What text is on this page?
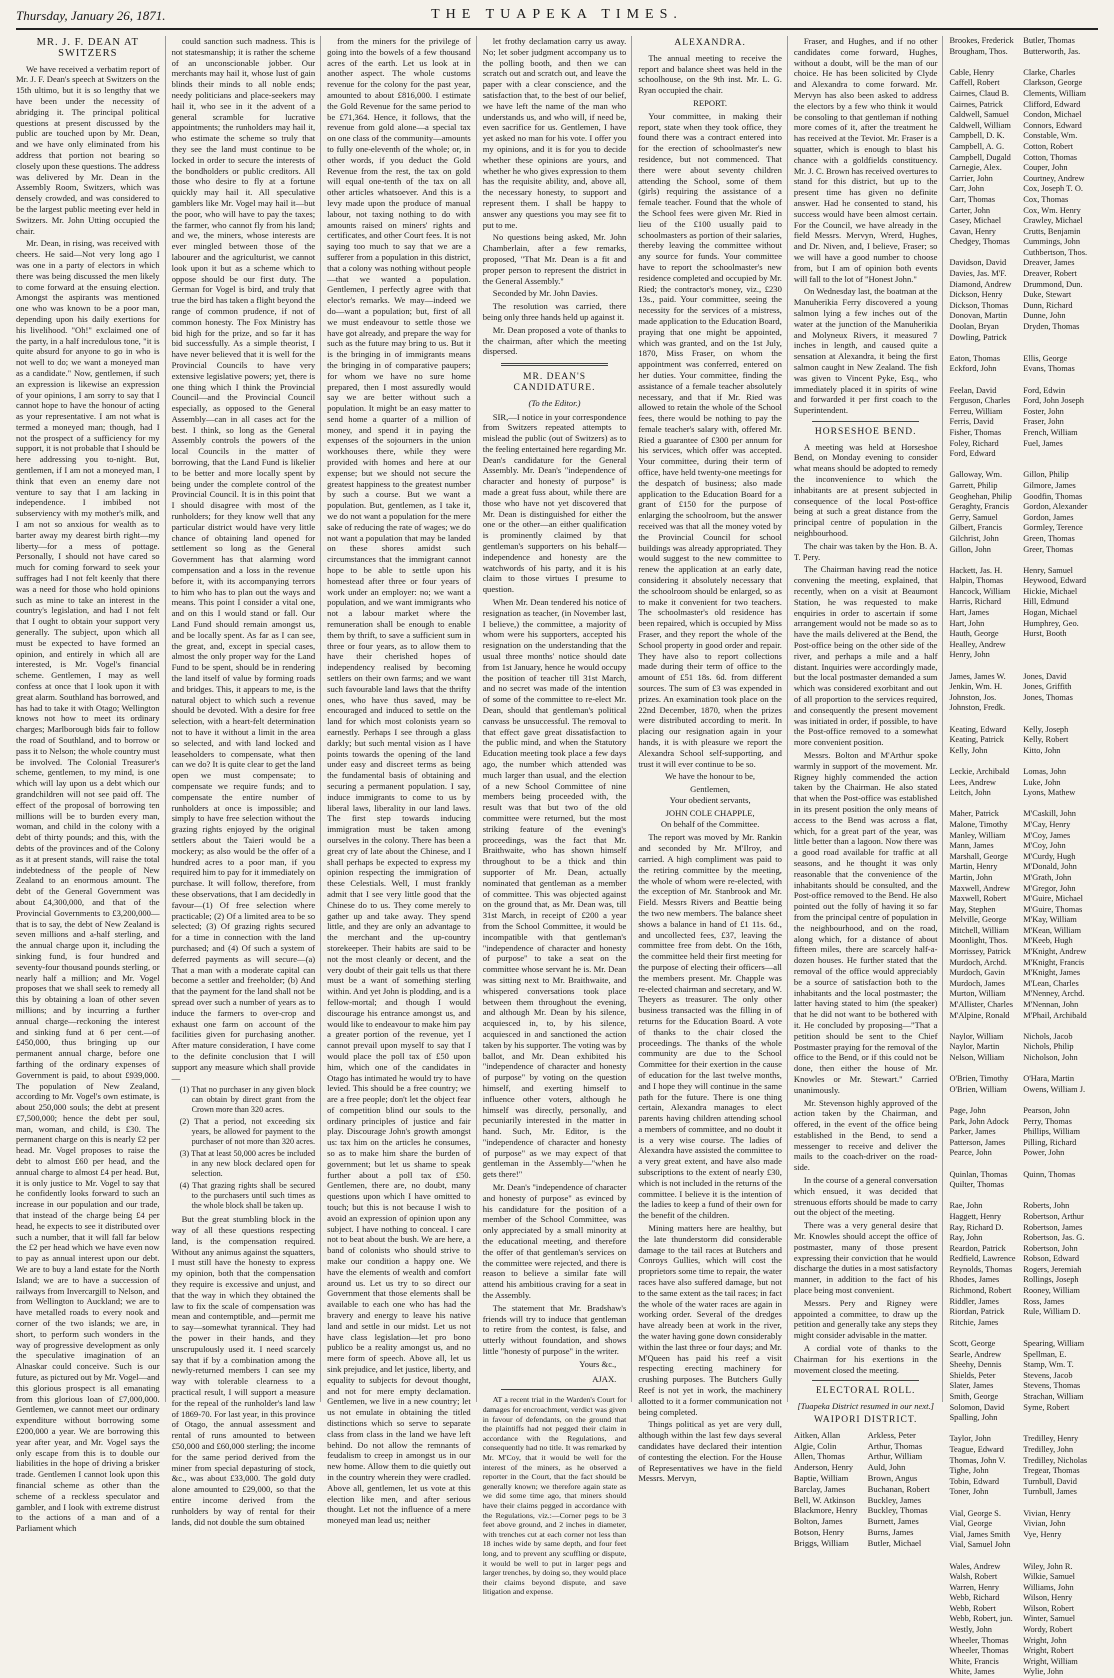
Thursday, January 26, 1871.	THE TUAPEKA TIMES.
MR. J. F. DEAN AT SWITZERS

We have received a verbatim report of Mr. J. F. Dean's speech at Switzers on the 15th ultimo, but it is so lengthy that we have been under the necessity of abridging it. The principal political questions at present discussed by the public are touched upon by Mr. Dean, and we have only eliminated from his address that portion not bearing so closely upon these questions. The address was delivered by Mr. Dean in the Assembly Room, Switzers, which was densely crowded, and was considered to be the largest public meeting ever held in Switzers. Mr. John Utting occupied the chair.

Mr. Dean, in rising, was received with cheers. He said—Not very long ago I was one in a party of electors in which there was being discussed the men likely to come forward at the ensuing election. Amongst the aspirants was mentioned one who was known to be a poor man, depending upon his daily exertions for his livelihood. "Oh!" exclaimed one of the party, in a half incredulous tone, "it is quite absurd for anyone to go in who is not well to do; we want a moneyed man as a candidate." Now, gentlemen, if such an expression is likewise an expression of your opinions, I am sorry to say that I cannot hope to have the honour of acting as your representative. I am not what is termed a moneyed man; though, had I not the prospect of a sufficiency for my support, it is not probable that I should be here addressing you to-night. But, gentlemen, if I am not a moneyed man, I think that even an enemy dare not venture to say that I am lacking in independence. I imbibed not subserviency with my mother's milk, and I am not so anxious for wealth as to barter away my dearest birth right—my liberty—for a mess of pottage. Personally, I should not have cared so much for coming forward to seek your suffrages had I not felt keenly that there was a need for those who hold opinions such as mine to take an interest in the country's legislation, and had I not felt that I ought to obtain your support very generally. The subject, upon which all must be expected to have formed an opinion, and entirely in which all are interested, is Mr. Vogel's financial scheme. Gentlemen, I may as well confess at once that I look upon it with great alarm. Southland has borrowed, and has had to take it with Otago; Wellington knows not how to meet its ordinary charges; Marlborough bids fair to follow the road of Southland, and to borrow or pass it to Nelson; the whole country must be involved. The Colonial Treasurer's scheme, gentlemen, to my mind, is one which will lay upon us a debt which our grandchildren will not see paid off. The effect of the proposal of borrowing ten millions will be to burden every man, woman, and child in the colony with a debt of thirty pounds; and this, with the debts of the provinces and of the Colony as it at present stands, will raise the total indebtedness of the people of New Zealand to an enormous amount. The debt of the General Government was about £4,300,000, and that of the Provincial Governments to £3,200,000—that is to say, the debt of New Zealand is seven millions and a-half sterling, and the annual charge upon it, including the sinking fund, is four hundred and seventy-four thousand pounds sterling, or nearly half a million; and Mr. Vogel proposes that we shall seek to remedy all this by obtaining a loan of other seven millions; and by incurring a further annual charge—reckoning the interest and sinking fund at 6 per cent.—of £450,000, thus bringing up our permanent annual charge, before one farthing of the ordinary expenses of Government is paid, to about £939,000. The population of New Zealand, according to Mr. Vogel's own estimate, is about 250,000 souls; the debt at present £7,500,000; hence the debt per soul, man, woman, and child, is £30. The permanent charge on this is nearly £2 per head. Mr. Vogel proposes to raise the debt to almost £60 per head, and the annual charge to almost £4 per head. But, it is only justice to Mr. Vogel to say that he confidently looks forward to such an increase in our population and our trade, that instead of the charge being £4 per head, he expects to see it distributed over such a number, that it will fall far below the £2 per head which we have even now to pay as annual interest upon our debt. We are to buy a land estate for the North Island; we are to have a succession of railways from Invercargill to Nelson, and from Wellington to Auckland; we are to have metalled roads to every nook and corner of the two islands; we are, in short, to perform such wonders in the way of progressive development as only the speculative imagination of an Alnaskar could conceive. Such is our future, as pictured out by Mr. Vogel—and this glorious prospect is all emanating from this glorious loan of £7,000,000. Gentlemen, we cannot meet our ordinary expenditure without borrowing some £200,000 a year. We are borrowing this year after year, and Mr. Vogel says the only escape from this is to double our liabilities in the hope of driving a brisker trade. Gentlemen I cannot look upon this financial scheme as other than the scheme of a reckless speculator and gambler, and I look with extreme distrust to the actions of a man and of a Parliament which

could sanction such madness. This is not statesmanship; it is rather the scheme of an unconscionable jobber. Our merchants may hail it, whose lust of gain blinds their minds to all noble ends; needy politicians and place-seekers may hail it, who see in it the advent of a general scramble for lucrative appointments; the runholders may hail it, who estimate the scheme so truly that they see the land must continue to be locked in order to secure the interests of the bondholders or public creditors. All those who desire to fly at a fortune quickly may hail it. All speculative gamblers like Mr. Vogel may hail it—but the poor, who will have to pay the taxes; the farmer, who cannot fly from his land; and we, the miners, whose interests are ever mingled between those of the labourer and the agriculturist, we cannot look upon it but as a scheme which to oppose should be our first duty. The German for Vogel is bird, and truly that true the bird has taken a flight beyond the range of common prudence, if not of common honesty. The Fox Ministry has bid high for the prize, and so far it has bid successfully. As a simple theorist, I have never believed that it is well for the Provincial Councils to have very extensive legislative powers; yet, there is one thing which I think the Provincial Council—and the Provincial Council especially, as opposed to the General Assembly—can in all cases act for the best. I think, so long as the General Assembly controls the powers of the local Councils in the matter of borrowing, that the Land Fund is likelier to be better and more locally spent by being under the complete control of the Provincial Council. It is in this point that I should disagree with most of the runholders; for they know well that any particular district would have very little chance of obtaining land opened for settlement so long as the General Government has that alarming word compensation and a loss in the revenue before it, with its accompanying terrors to him who has to plan out the ways and means. This point I consider a vital one, and on this I would stand or fall. Our Land Fund should remain amongst us, and be locally spent. As far as I can see, the great, and, except in special cases, almost the only proper way for the Land Fund to be spent, should be in rendering the land itself of value by forming roads and bridges. This, it appears to me, is the natural object to which such a revenue should be devoted. With a desire for free selection, with a heart-felt determination not to have it without a limit in the area so selected, and with land locked and leaseholders to compensate, what then can we do? It is quite clear to get the land open we must compensate; to compensate we require funds; and to compensate the entire number of runholders at once is impossible; and simply to have free selection without the grazing rights enjoyed by the original settlers about the Taieri would be a mockery; as also would be the offer of a hundred acres to a poor man, if you required him to pay for it immediately on purchase. It will follow, therefore, from these observations, that I am decidedly in favour—(1) Of free selection where practicable; (2) Of a limited area to be so selected; (3) Of grazing rights secured for a time in connection with the land purchased; and (4) Of such a system of deferred payments as will secure—(a) That a man with a moderate capital can become a settler and freeholder; (b) And that the payment for the land shall not be spread over such a number of years as to induce the farmers to over-crop and exhaust one farm on account of the facilities given for purchasing another. After mature consideration, I have come to the definite conclusion that I will support any measure which shall provide—

(1) That no purchaser in any given block can obtain by direct grant from the Crown more than 320 acres.
(2) That a period, not exceeding six years, be allowed for payment to the purchaser of not more than 320 acres.
(3) That at least 50,000 acres be included in any new block declared open for selection.
(4) That grazing rights shall be secured to the purchasers until such times as the whole block shall be taken up.

But the great stumbling block in the way of all these questions respecting land, is the compensation required. Without any animus against the squatters, I must still have the honesty to express my opinion, both that the compensation they require is excessive and unjust, and that the way in which they obtained the law to fix the scale of compensation was mean and contemptible, and—permit me to say—somewhat tyrannical. They had the power in their hands, and they unscrupulously used it. I need scarcely say that if by a combination among the newly-returned members I can see my way with tolerable clearness to a practical result, I will support a measure for the repeal of the runholder's land law of 1869-70. For last year, in this province of Otago, the annual assessment and rental of runs amounted to between £50,000 and £60,000 sterling; the income for the same period derived from the miner from special depasturing of stock, &c., was about £33,000. The gold duty alone amounted to £29,000, so that the entire income derived from the runholders by way of rental for their lands, did not double the sum obtained

from the miners for the privilege of going into the bowels of a few thousand acres of the earth. Let us look at in another aspect. The whole customs revenue for the colony for the past year, amounted to about £816,000. I estimate the Gold Revenue for the same period to be £71,364. Hence, it follows, that the revenue from gold alone—a special tax on one class of the community—amounts to fully one-eleventh of the whole; or, in other words, if you deduct the Gold Revenue from the rest, the tax on gold will equal one-tenth of the tax on all other articles whatsoever. And this is a levy made upon the produce of manual labour, not taxing nothing to do with amounts raised on miners' rights and certificates, and other Court fees. It is not saying too much to say that we are a sufferer from a population in this district, that a colony was nothing without people—that we wanted a population. Gentlemen, I perfectly agree with that elector's remarks. We may—indeed we do—want a population; but, first of all we must endeavour to settle those we have got already, and prepare the way for such as the future may bring to us. But it is the bringing in of immigrants means the bringing in of comparative paupers; for whom we have no sure home prepared, then I most assuredly would say we are better without such a population. It might be an easy matter to send home a quarter of a million of money, and spend it in paying the expenses of the sojourners in the union workhouses there, while they were provided with homes and here at our expense; but we should not secure the greatest happiness to the greatest number by such a course. But we want a population. But, gentlemen, as I take it, we do not want a population for the mere sake of reducing the rate of wages; we do not want a population that may be landed on these shores amidst such circumstances that the immigrant cannot hope to be able to settle upon his homestead after three or four years of work under an employer: no; we want a population, and we want immigrants who not a labour market where the remuneration shall be enough to enable them by thrift, to save a sufficient sum in three or four years, as to allow them to have their cherished hopes of independency realised by becoming settlers on their own farms; and we want such favourable land laws that the thrifty ones, who have thus saved, may be encouraged and induced to settle on the land for which most colonists yearn so earnestly. Perhaps I see through a glass darkly; but such mental vision as I have points towards the opening of the land under easy and discreet terms as being the fundamental basis of obtaining and securing a permanent population. I say, induce immigrants to come to us by liberal laws, liberality in our land laws. The first step towards inducing immigration must be taken among ourselves in the colony. There has been a great cry of late about the Chinese, and I shall perhaps be expected to express my opinion respecting the immigration of these Celestials. Well, I must frankly admit that I see very little good that the Chinese do to us. They come merely to gather up and take away. They spend little, and they are only an advantage to the merchant and the up-country storekeeper. Their habits are said to be not the most cleanly or decent, and the very doubt of their gait tells us that there must be a want of something sterling within. And yet John is plodding, and is a fellow-mortal; and though I would discourage his entrance amongst us, and would like to endeavour to make him pay a greater portion of the revenue, yet I cannot prevail upon myself to say that I would place the poll tax of £50 upon him, which one of the candidates in Otago has intimated he would try to have levied. This should be a free country; we are a free people; don't let the object fear of competition blind our souls to the ordinary principles of justice and fair play. Discourage John's growth amongst us: tax him on the articles he consumes, so as to make him share the burden of government; but let us shame to speak further about a poll tax of £50. Gentlemen, there are, no doubt, many questions upon which I have omitted to touch; but this is not because I wish to avoid an expression of opinion upon any subject. I have nothing to conceal. I care not to beat about the bush. We are here, a band of colonists who should strive to make our condition a happy one. We have the elements of wealth and comfort around us. Let us try to so direct our Government that those elements shall be available to each one who has had the bravery and energy to leave his native land and settle in our midst. Let us not have class legislation—let pro bono publico be a reality amongst us, and no mere form of speech. Above all, let us sink prejudice, and let justice, liberty, and equality to subjects for devout thought, and not for mere empty declamation. Gentlemen, we live in a new country; let us not emulate in obtaining the titled distinctions which so serve to separate class from class in the land we have left behind. Do not allow the remnants of feudalism to creep in amongst us in our new home. Allow them to die quietly out in the country wherein they were cradled. Above all, gentlemen, let us vote at this election like men, and after serious thought. Let not the influence of a mere moneyed man lead us; neither

let frothy declamation carry us away. No; let sober judgment accompany us to the polling booth, and then we can scratch out and scratch out, and leave the paper with a clear conscience, and the satisfaction that, to the best of our belief, we have left the name of the man who understands us, and who will, if need be, even sacrifice for us. Gentlemen, I have yet asked no man for his vote. I offer you my opinions, and it is for you to decide whether these opinions are yours, and whether he who gives expression to them has the requisite ability, and, above all, the necessary honesty, to support and represent them. I shall be happy to answer any questions you may see fit to put to me.

No questions being asked, Mr. John Chamberlain, after a few remarks, proposed, "That Mr. Dean is a fit and proper person to represent the district in the General Assembly."

Seconded by Mr. John Davies.

The resolution was carried, there being only three hands held up against it.

Mr. Dean proposed a vote of thanks to the chairman, after which the meeting dispersed.

MR. DEAN'S CANDIDATURE.
(To the Editor.)

SIR,—I notice in your correspondence from Switzers repeated attempts to mislead the public (out of Switzers) as to the feeling entertained here regarding Mr. Dean's candidature for the General Assembly. Mr. Dean's "independence of character and honesty of purpose" is made a great fuss about, while there are those who have not yet discovered that Mr. Dean is distinguished for either the one or the other—an either qualification is prominently claimed by that gentleman's supporters on his behalf—independence and honesty are the watchwords of his party, and it is his claim to those virtues I presume to question.

When Mr. Dean tendered his notice of resignation as teacher, (in November last, I believe,) the committee, a majority of whom were his supporters, accepted his resignation on the understanding that the usual three months' notice should date from 1st January, hence he would occupy the position of teacher till 31st March, and no secret was made of the intention of some of the committee to re-elect Mr. Dean, should that gentleman's political canvass be unsuccessful. The removal to that effect gave great dissatisfaction to the public mind, and when the Statutory Education meeting took place a few days ago, the number which attended was much larger than usual, and the election of a new School Committee of nine members being proceeded with, the result was that but two of the old committee were returned, but the most striking feature of the evening's proceedings, was the fact that Mr. Braithwaite, who has shown himself throughout to be a thick and thin supporter of Mr. Dean, actually nominated that gentleman as a member of committee. This was objected against on the ground that, as Mr. Dean was, till 31st March, in receipt of £200 a year from the School Committee, it would be incompatible with that gentleman's "independence of character and honesty of purpose" to take a seat on the committee whose servant he is. Mr. Dean was sitting next to Mr. Braithwaite, and whispered conversations took place between them throughout the evening, and although Mr. Dean by his silence, acquiesced in, to, by his silence, acquiesced in and sanctioned the action taken by his supporter. The voting was by ballot, and Mr. Dean exhibited his "independence of character and honesty of purpose" by voting on the question himself, and exerting himself to influence other voters, although he himself was directly, personally, and pecuniarily interested in the matter in hand. Such, Mr. Editor, is the "independence of character and honesty of purpose" as we may expect of that gentleman in the Assembly—"when he gets there!"

Mr. Dean's "independence of character and honesty of purpose" as evinced by his candidature for the position of a member of the School Committee, was only appreciated by a small minority at the educational meeting, and therefore the offer of that gentleman's services on the committee were rejected, and there is reason to believe a similar fate will attend his ambitious craving for a seat in the Assembly.

The statement that Mr. Bradshaw's friends will try to induce that gentleman to retire from the contest, is false, and utterly without foundation, and shows little "honesty of purpose" in the writer.

Yours &c.,
AJAX.

AT a recent trial in the Warden's Court for damages for encroachment, verdict was given in favour of defendants, on the ground that the plaintiffs had not pegged their claim in accordance with the Regulations, and consequently had no title. It was remarked by Mr. M'Coy, that it would be well for the interest of the miners, as he observed a reporter in the Court, that the fact should be generally known; we therefore again state as we did some time ago, that miners should have their claims pegged in accordance with the Regulations, viz.:—Corner pegs to be 3 feet above ground, and 2 inches in diameter, with trenches cut at each corner not less than 18 inches wide by same depth, and four feet long, and to prevent any scuffling or dispute, it would be well to put in larger pegs and larger trenches, by doing so, they would place their claims beyond dispute, and save litigation and expense.

ALEXANDRA.

The annual meeting to receive the report and balance sheet was held in the schoolhouse, on the 9th inst. Mr. L. G. Ryan occupied the chair.

REPORT.

Your committee, in making their report, state when they took office, they found there was a contract entered into for the erection of schoolmaster's new residence, but not commenced. That there were about seventy children attending the School, some of them (girls) requiring the assistance of a female teacher. Found that the whole of the School fees were given Mr. Ried in lieu of the £100 usually paid to schoolmasters as portion of their salaries, thereby leaving the committee without any source for funds. Your committee have to report the schoolmaster's new residence completed and occupied by Mr. Ried; the contractor's money, viz., £230 13s., paid. Your committee, seeing the necessity for the services of a mistress, made application to the Education Board, praying that one might be appointed, which was granted, and on the 1st July, 1870, Miss Fraser, on whom the appointment was conferred, entered on her duties. Your committee, finding the assistance of a female teacher absolutely necessary, and that if Mr. Ried was allowed to retain the whole of the School fees, there would be nothing to pay the female teacher's salary with, offered Mr. Ried a guarantee of £300 per annum for his services, which offer was accepted. Your committee, during their term of office, have held twenty-one meetings for the despatch of business; also made application to the Education Board for a grant of £150 for the purpose of enlarging the schoolroom, but the answer received was that all the money voted by the Provincial Council for school buildings was already appropriated. They would suggest to the new committee to renew the application at an early date, considering it absolutely necessary that the schoolroom should be enlarged, so as to make it convenient for two teachers. The schoolmaster's old residence has been repaired, which is occupied by Miss Fraser, and they report the whole of the School property in good order and repair. They have also to report collections made during their term of office to the amount of £51 18s. 6d. from different sources. The sum of £3 was expended in prizes. An examination took place on the 22nd December, 1870, when the prizes were distributed according to merit. In placing our resignation again in your hands, it is with pleasure we report the Alexandra School self-supporting, and trust it will ever continue to be so.

We have the honour to be,

Gentlemen,
Your obedient servants,

JOHN COLE CHAPPLE,
On behalf of the Committee.

The report was moved by Mr. Rankin and seconded by Mr. M'Ilroy, and carried. A high compliment was paid to the retiring committee by the meeting, the whole of whom were re-elected, with the exception of Mr. Stanbrook and Mr. Field. Messrs Rivers and Beattie being the two new members. The balance sheet shows a balance in hand of £1 11s. 6d., and uncollected fees, £37, leaving the committee free from debt. On the 16th, the committee held their first meeting for the purpose of electing their officers—all the members present. Mr. Chapple was re-elected chairman and secretary, and W. Theyers as treasurer. The only other business transacted was the filling in of returns for the Education Board. A vote of thanks to the chair closed the proceedings. The thanks of the whole community are due to the School Committee for their exertion in the cause of education for the last twelve months, and I hope they will continue in the same path for the future. There is one thing certain, Alexandra manages to elect parents having children attending school a members of committee, and no doubt it is a very wise course. The ladies of Alexandra have assisted the committee to a very great extent, and have also made subscriptions to the extent of nearly £30, which is not included in the returns of the committee. I believe it is the intention of the ladies to keep a fund of their own for the benefit of the children.

Mining matters here are healthy, but the late thunderstorm did considerable damage to the tail races at Butchers and Conroys Gullies, which will cost the proprietors some time to repair, the water races have also suffered damage, but not to the same extent as the tail races; in fact the whole of the water races are again in working order. Several of the dredges have already been at work in the river, the water having gone down considerably within the last three or four days; and Mr. M'Queen has paid his reef a visit respecting erecting machinery for crushing purposes. The Butchers Gully Reef is not yet in work, the machinery allotted to it a former communication not being completed.

Things political as yet are very dull, although within the last few days several candidates have declared their intention of contesting the election. For the House of Representatives we have in the field Messrs. Mervyn,

Fraser, and Hughes, and if no other candidates come forward, Hughes, without a doubt, will be the man of our choice. He has been solicited by Clyde and Alexandra to come forward. Mr. Mervyn has also been asked to address the electors by a few who think it would be consoling to that gentleman if nothing more comes of it, after the treatment he has received at the Teviot. Mr. Fraser is a squatter, which is enough to blast his chance with a goldfields constituency. Mr. J. C. Brown has received overtures to stand for this district, but up to the present time has given no definite answer. Had he consented to stand, his success would have been almost certain. For the Council, we have already in the field Messrs. Mervyn, Wrerd, Hughes, and Dr. Niven, and, I believe, Fraser; so we will have a good number to choose from, but I am of opinion both events will fall to the lot of "Honest John."

On Wednesday last, the boatman at the Manuherikia Ferry discovered a young salmon lying a few inches out of the water at the junction of the Manuherikia and Molyneux Rivers, it measured 7 inches in length, and caused quite a sensation at Alexandra, it being the first salmon caught in New Zealand. The fish was given to Vincent Pyke, Esq., who immediately placed it in spirits of wine and forwarded it per first coach to the Superintendent.

HORSESHOE BEND.

A meeting was held at Horseshoe Bend, on Monday evening to consider what means should be adopted to remedy the inconvenience to which the inhabitants are at present subjected in consequence of the local Post-office being at such a great distance from the principal centre of population in the neighbourhood.

The chair was taken by the Hon. B. A. T. Pery.

The Chairman having read the notice convening the meeting, explained, that recently, when on a visit at Beaumont Station, he was requested to make enquiries in order to ascertain if some arrangement would not be made so as to have the mails delivered at the Bend, the Post-office being on the other side of the river, and perhaps a mile and a half distant. Inquiries were accordingly made, but the local postmaster demanded a sum which was considered exorbitant and out of all proportion to the services required, and consequently the present movement was initiated in order, if possible, to have the Post-office removed to a somewhat more convenient position.

Messrs. Bolton and M'Arthur spoke warmly in support of the movement. Mr. Rigney highly commended the action taken by the Chairman. He also stated that when the Post-office was established in its present position the only means of access to the Bend was across a flat, which, for a great part of the year, was little better than a lagoon. Now there was a good road available for traffic at all seasons, and he thought it was only reasonable that the convenience of the inhabitants should be consulted, and the Post-office removed to the Bend. He also pointed out the folly of having it so far from the principal centre of population in the neighbourhood, and on the road, along which, for a distance of about fifteen miles, there are scarcely half-a-dozen houses. He further stated that the removal of the office would appreciably be a source of satisfaction both to the inhabitants and the local postmaster; the latter having stated to him (the speaker) that he did not want to be bothered with it. He concluded by proposing—"That a petition should be sent to the Chief Postmaster praying for the removal of the office to the Bend, or if this could not be done, then either the house of Mr. Knowles or Mr. Stewart." Carried unanimously.

Mr. Stevenson highly approved of the action taken by the Chairman, and offered, in the event of the office being established in the Bend, to send a messenger to receive and deliver the mails to the coach-driver on the road-side.

In the course of a general conversation which ensued, it was decided that strenuous efforts should be made to carry out the object of the meeting.

There was a very general desire that Mr. Knowles should accept the office of postmaster, many of those present expressing their conviction that he would discharge the duties in a most satisfactory manner, in addition to the fact of his place being most convenient.

Messrs. Pery and Rigney were appointed a committee, to draw up the petition and generally take any steps they might consider advisable in the matter.

A cordial vote of thanks to the Chairman for his exertions in the movement closed the meeting.

ELECTORAL ROLL.
[Tuapeka District resumed in our next.]
WAIPORI DISTRICT.
Aitken, Allan	Arkless, Peter
Algie, Colin	Arthur, Thomas
Allen, Thomas	Arthur, William
Anderson, Henry	Auld, John
Baptie, William	Brown, Angus
Barclay, James	Buchanan, Robert
Bell, W. Atkinson	Buckley, James
Blackmore, Henry	Buckley, Thomas
Bolton, James	Burnett, James
Botson, Henry	Burns, James
Briggs, William	Butler, Michael
Brookes, Frederick	Butler, Thomas
Brougham, Thos.	Butterworth, Jas.

Cable, Henry	Clarke, Charles
Caffell, Robert	Clarkson, George
Cairnes, Claud B.	Clements, William
Cairnes, Patrick	Clifford, Edward
Caldwell, Samuel	Condon, Michael
Caldwell, William	Connors, Edward
Campbell, D. K.	Constable, Wm.
Campbell, A. G.	Cotton, Robert
Campbell, Dugald	Cotton, Thomas
Carnegie, Alex.	Couper, John
Carrier, John	Courtney, Andrew
Carr, John	Cox, Joseph T. O.
Carr, Thomas	Cox, Thomas
Carter, John	Cox, Wm. Henry
Casey, Michael	Crawley, Michael
Cavan, Henry	Crutts, Benjamin
Chedgey, Thomas	Cummings, John

Cuthbertson, Thos.
Davidson, David	Dreaver, James
Davies, Jas. M'F.	Dreaver, Robert
Diamond, Andrew	Drummond, Dun.
Dickson, Henry	Duke, Stewart
Dickson, Thomas	Dunn, Richard
Donovan, Martin	Dunne, John
Doolan, Bryan	Dryden, Thomas
Dowling, Patrick

Eaton, Thomas	Ellis, George
Eckford, John	Evans, Thomas

Feelan, David	Ford, Edwin
Ferguson, Charles	Ford, John Joseph
Ferreu, William	Foster, John
Ferris, David	Fraser, John
Fisher, Thomas	French, William
Foley, Richard	Fuel, James
Ford, Edward

Galloway, Wm.	Gillon, Philip
Garrett, Philip	Gilmore, James
Geoghehan, Philip	Goodfin, Thomas
Geraghty, Francis	Gordon, Alexander
Gerry, Samuel	Gordon, James
Gilbert, Francis	Gormley, Terence
Gilchrist, John	Green, Thomas
Gillon, John	Greer, Thomas

Hackett, Jas. H.	Henry, Samuel
Halpin, Thomas	Heywood, Edward
Hancock, William	Hickie, Michael
Harris, Richard	Hill, Edmund
Hart, James	Hogan, Michael
Hart, John	Humphrey, Geo.
Hauth, George	Hurst, Booth
Healley, Andrew

Henry, John

James, James W.	Jones, David
Jenkin, Wm. H.	Jones, Griffith
Johnston, Jos.	Jones, Thomas
Johnston, Fredk.

Keating, Edward	Kelly, Joseph
Keating, Patrick	Kelly, Robert
Kelly, John	Kitto, John

Leckie, Archibald	Lomas, John
Lees, Andrew	Luke, John
Leitch, John	Lyons, Mathew

Maher, Patrick	M'Caskill, John
Malone, Timothy	M'Cay, Henry
Manley, William	M'Coy, James
Mann, James	M'Coy, John
Marshall, George	M'Curdy, Hugh
Martin, Henry	M'Donald, John
Martin, John	M'Grath, John
Maxwell, Andrew	M'Gregor, John
Maxwell, Robert	M'Guire, Michael
May, Stephen	M'Guire, Thomas
Melville, George	M'Kay, William
Mitchell, William	M'Kean, William
Moonlight, Thos.	M'Keeb, Hugh
Morrissey, Patrick	M'Knight, Andrew
Murdoch, Archd.	M'Knight, Francis
Murdoch, Gavin	M'Knight, James
Murdoch, James	M'Lean, Charles
Murton, William	M'Nenney, Archd.
M'Allister, Charles	M'Nennan, John
M'Alpine, Ronald	M'Phail, Archibald

Naylor, William	Nichols, Jacob
Naylor, Martin	Nichols, Philip
Nelson, William	Nicholson, John

O'Brien, Timothy	O'Hara, Martin
O'Brien, William	Owens, William J.

Page, John	Pearson, John
Park, John Adock	Perry, Thomas
Parker, James	Phillips, William
Patterson, James	Pilling, Richard
Pearce, John	Power, John

Quinlan, Thomas	Quinn, Thomas
Quilter, Thomas

Rae, John	Roberts, John
Haggett, Henry	Robertson, Arthur
Ray, Richard D.	Robertson, James
Ray, John	Robertson, Jas. G.
Reardon, Patrick	Robertson, John
Redfield, Lawrence Robson, Edward
Reynolds, Thomas	Rogers, Jeremiah
Rhodes, James	Rollings, Joseph
Richmond, Robert	Rooney, William
Riddler, James	Ross, James
Riordan, Patrick	Rule, William D.
Ritchie, James

Scott, George	Spearing, William
Searle, Andrew	Spellman, E.
Sheehy, Dennis	Stamp, Wm. T.
Shields, Peter	Stevens, Jacob
Slater, James	Stevens, Thomas
Smith, George	Strachan, William
Solomon, David	Syme, Robert
Spalling, John

Taylor, John	Tredilley, Henry
Teague, Edward	Tredilley, John
Thomas, John V.	Tredilley, Nicholas
Tighe, John	Tregear, Thomas
Tobin, Edward	Turnbull, David
Toner, John	Turnbull, James

Vial, George S.	Vivian, Henry
Vial, George	Vivian, John
Vial, James Smith	Vye, Henry
Vial, Samuel John

Wales, Andrew	Wiley, John R.
Walsh, Robert	Wilkie, Samuel
Warren, Henry	Williams, John
Webb, Richard	Wilson, Henry
Webb, Robert	Wilson, Robert
Webb, Robert, jun.	Winter, Samuel
Westly, John	Wordy, Robert
Wheeler, Thomas	Wright, John
Wheeler, Thomas	Wright, Robert
White, Francis	Wright, William
White, James	Wylie, John
